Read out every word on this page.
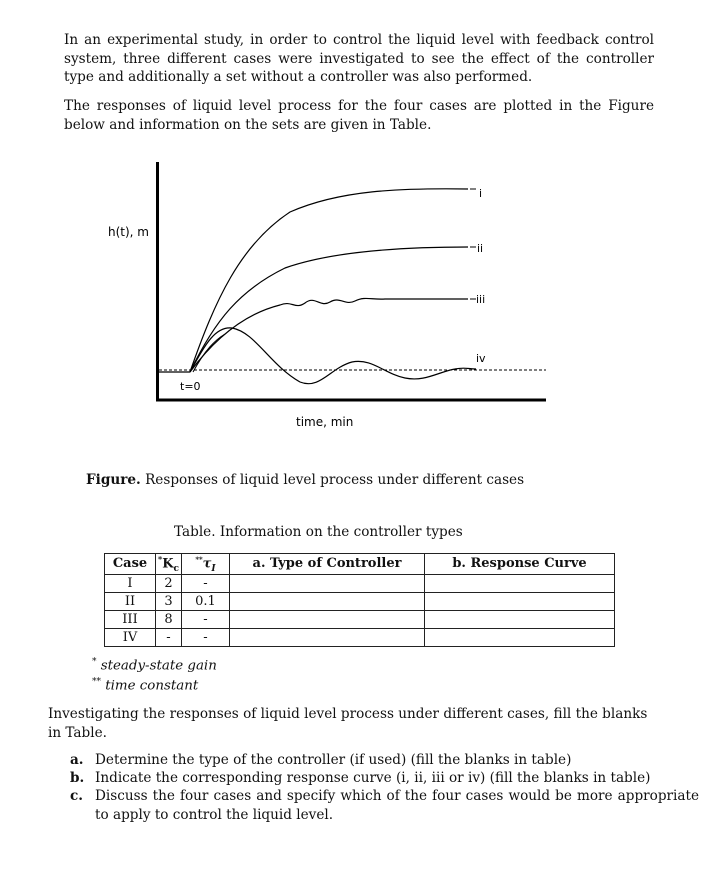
In an experimental study, in order to control the liquid level with feedback control system, three different cases were investigated to see the effect of the controller type and additionally a set without a controller was also performed.

The responses of liquid level process for the four cases are plotted in the Figure below and information on the sets are given in Table.

i
ii
iii
iv
h(t), m
time, min
t=0
Figure. Responses of liquid level process under different cases
Table. Information on the controller types
Case	$^*K_c$	$^{**}\tau_I$	a. Type of Controller	b. Response Curve
I	2	-		
II	3	0.1		
III	8	-		
IV	-	-		
* steady-state gain
** time constant

Investigating the responses of liquid level process under different cases, fill the blanks in Table.

a. Determine the type of the controller (if used) (fill the blanks in table)
b. Indicate the corresponding response curve (i, ii, iii or iv) (fill the blanks in table)
c. Discuss the four cases and specify which of the four cases would be more appropriate to apply to control the liquid level.
